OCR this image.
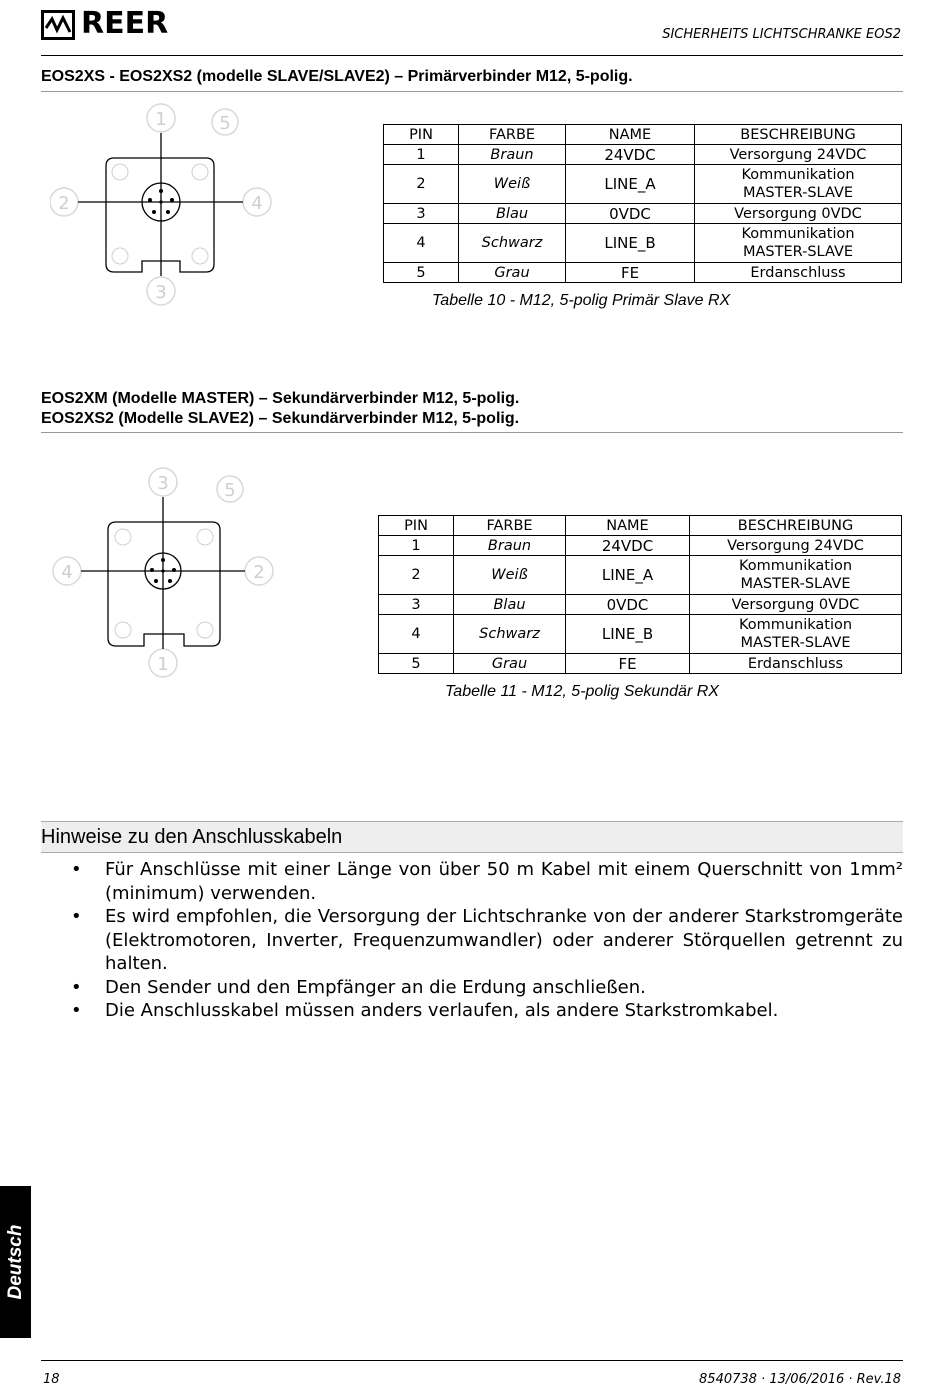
REER	SICHERHEITS LICHTSCHRANKE EOS2
EOS2XS - EOS2XS2 (modelle SLAVE/SLAVE2) – Primärverbinder M12, 5-polig.
1	5
2	4
3
PIN	FARBE	NAME	BESCHREIBUNG
1	Braun	24VDC	Versorgung 24VDC
2	Weiß	LINE_A	Kommunikation
MASTER-SLAVE
3	Blau	0VDC	Versorgung 0VDC
4	Schwarz	LINE_B	Kommunikation
MASTER-SLAVE
5	Grau	FE	Erdanschluss
Tabelle 10 - M12, 5-polig Primär Slave RX
EOS2XM (Modelle MASTER) – Sekundärverbinder M12, 5-polig.
EOS2XS2 (Modelle SLAVE2) – Sekundärverbinder M12, 5-polig.
3	5
4	2
1
PIN	FARBE	NAME	BESCHREIBUNG
1	Braun	24VDC	Versorgung 24VDC
2	Weiß	LINE_A	Kommunikation
MASTER-SLAVE
3	Blau	0VDC	Versorgung 0VDC
4	Schwarz	LINE_B	Kommunikation
MASTER-SLAVE
5	Grau	FE	Erdanschluss
Tabelle 11 - M12, 5-polig Sekundär RX
Hinweise zu den Anschlusskabeln
• Für Anschlüsse mit einer Länge von über 50 m Kabel mit einem Querschnitt von 1mm² (minimum) verwenden.
• Es wird empfohlen, die Versorgung der Lichtschranke von der anderer Starkstromgeräte (Elektromotoren, Inverter, Frequenzumwandler) oder anderer Störquellen getrennt zu halten.
• Den Sender und den Empfänger an die Erdung anschließen.
• Die Anschlusskabel müssen anders verlaufen, als andere Starkstromkabel.
Deutsch
18	8540738 · 13/06/2016 · Rev.18
